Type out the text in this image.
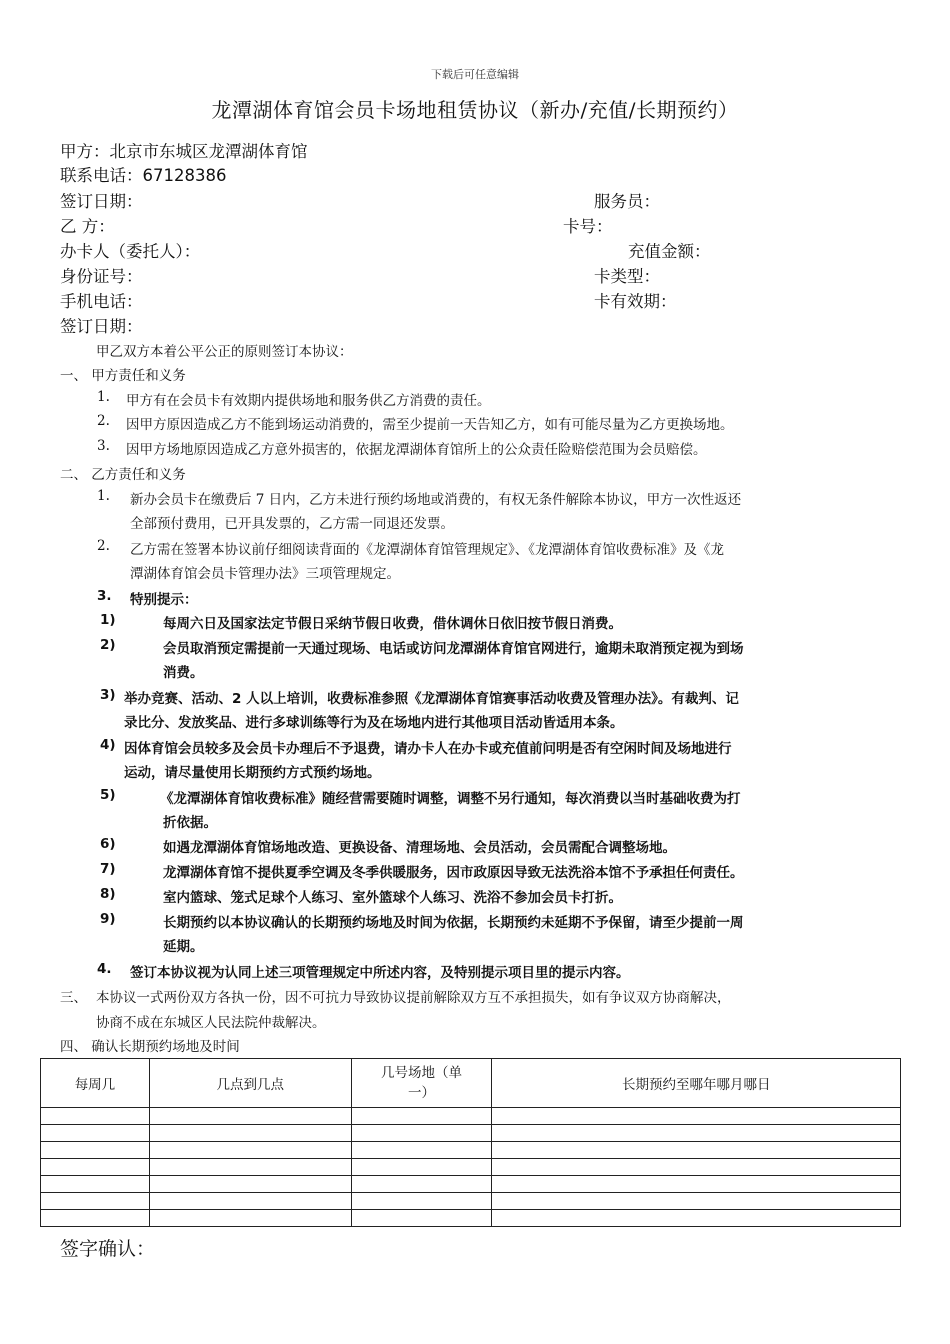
下载后可任意编辑
龙潭湖体育馆会员卡场地租赁协议（新办/充值/长期预约）
甲方：北京市东城区龙潭湖体育馆
联系电话：67128386
签订日期：	服务员：
乙 方：	卡号：
办卡人（委托人）：	充值金额：
身份证号：	卡类型：
手机电话：	卡有效期：
签订日期：
甲乙双方本着公平公正的原则签订本协议：
一、 甲方责任和义务
1. 甲方有在会员卡有效期内提供场地和服务供乙方消费的责任。
2. 因甲方原因造成乙方不能到场运动消费的，需至少提前一天告知乙方，如有可能尽量为乙方更换场地。
3. 因甲方场地原因造成乙方意外损害的，依据龙潭湖体育馆所上的公众责任险赔偿范围为会员赔偿。
二、 乙方责任和义务
1. 新办会员卡在缴费后 7 日内，乙方未进行预约场地或消费的，有权无条件解除本协议，甲方一次性返还
全部预付费用，已开具发票的，乙方需一同退还发票。
2. 乙方需在签署本协议前仔细阅读背面的《龙潭湖体育馆管理规定》、《龙潭湖体育馆收费标准》及《龙
潭湖体育馆会员卡管理办法》三项管理规定。
3. 特别提示：
1)	每周六日及国家法定节假日采纳节假日收费，借休调休日依旧按节假日消费。
2)	会员取消预定需提前一天通过现场、电话或访问龙潭湖体育馆官网进行，逾期未取消预定视为到场
消费。
3) 举办竞赛、活动、2 人以上培训，收费标准参照《龙潭湖体育馆赛事活动收费及管理办法》。有裁判、记
录比分、发放奖品、进行多球训练等行为及在场地内进行其他项目活动皆适用本条。
4) 因体育馆会员较多及会员卡办理后不予退费，请办卡人在办卡或充值前问明是否有空闲时间及场地进行
运动，请尽量使用长期预约方式预约场地。
5)	《龙潭湖体育馆收费标准》随经营需要随时调整，调整不另行通知，每次消费以当时基础收费为打
折依据。
6)	如遇龙潭湖体育馆场地改造、更换设备、清理场地、会员活动，会员需配合调整场地。
7)	龙潭湖体育馆不提供夏季空调及冬季供暖服务，因市政原因导致无法洗浴本馆不予承担任何责任。
8)	室内篮球、笼式足球个人练习、室外篮球个人练习、洗浴不参加会员卡打折。
9)	长期预约以本协议确认的长期预约场地及时间为依据，长期预约未延期不予保留，请至少提前一周
延期。
4. 签订本协议视为认同上述三项管理规定中所述内容，及特别提示项目里的提示内容。
三、 本协议一式两份双方各执一份，因不可抗力导致协议提前解除双方互不承担损失，如有争议双方协商解决，
协商不成在东城区人民法院仲裁解决。
四、 确认长期预约场地及时间
每周几	几点到几点	几号场地（单
一）	长期预约至哪年哪月哪日

签字确认：
